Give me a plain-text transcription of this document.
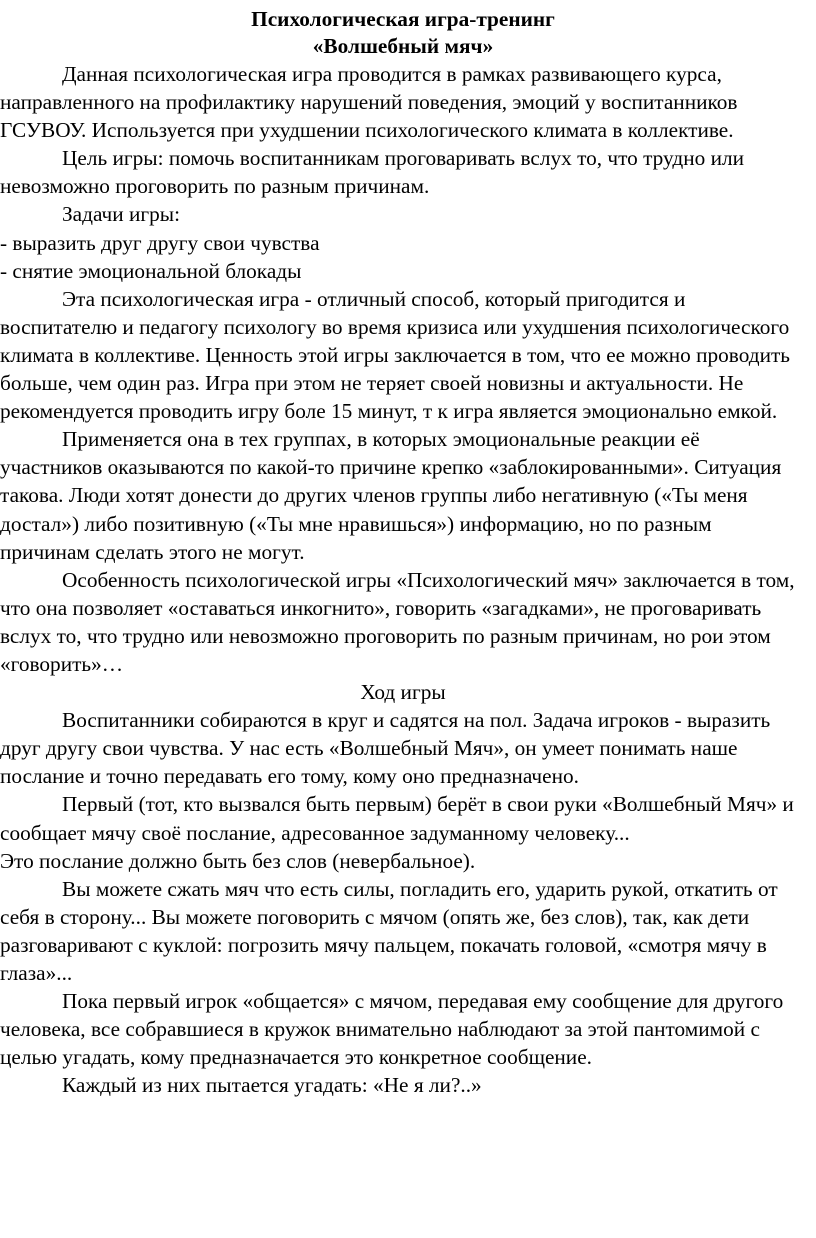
Психологическая игра-тренинг
«Волшебный мяч»

Данная психологическая игра проводится в рамках развивающего курса, направленного на профилактику нарушений поведения, эмоций у воспитанников ГСУВОУ. Используется при ухудшении психологического климата в коллективе.

Цель игры: помочь воспитанникам проговаривать вслух то, что трудно или невозможно проговорить по разным причинам.

Задачи игры:

- выразить друг другу свои чувства

- снятие эмоциональной блокады

Эта психологическая игра - отличный способ, который пригодится и воспитателю и педагогу психологу во время кризиса или ухудшения психологического климата в коллективе. Ценность этой игры заключается в том, что ее можно проводить больше, чем один раз. Игра при этом не теряет своей новизны и актуальности. Не рекомендуется проводить игру боле 15 минут, т к игра является эмоционально емкой.

Применяется она в тех группах, в которых эмоциональные реакции её участников оказываются по какой-то причине крепко «заблокированными». Ситуация такова. Люди хотят донести до других членов группы либо негативную («Ты меня достал») либо позитивную («Ты мне нравишься») информацию, но по разным причинам сделать этого не могут.

Особенность психологической игры «Психологический мяч» заключается в том, что она позволяет «оставаться инкогнито», говорить «загадками», не проговаривать вслух то, что трудно или невозможно проговорить по разным причинам, но рои этом «говорить»…

Ход игры

Воспитанники собираются в круг и садятся на пол. Задача игроков - выразить друг другу свои чувства. У нас есть «Волшебный Мяч», он умеет понимать наше послание и точно передавать его тому, кому оно предназначено.

Первый (тот, кто вызвался быть первым) берёт в свои руки «Волшебный Мяч» и сообщает мячу своё послание, адресованное задуманному человеку...

Это послание должно быть без слов (невербальное).

Вы можете сжать мяч что есть силы, погладить его, ударить рукой, откатить от себя в сторону... Вы можете поговорить с мячом (опять же, без слов), так, как дети разговаривают с куклой: погрозить мячу пальцем, покачать головой, «смотря мячу в глаза»...

Пока первый игрок «общается» с мячом, передавая ему сообщение для другого человека, все собравшиеся в кружок внимательно наблюдают за этой пантомимой с целью угадать, кому предназначается это конкретное сообщение.

Каждый из них пытается угадать: «Не я ли?..»
